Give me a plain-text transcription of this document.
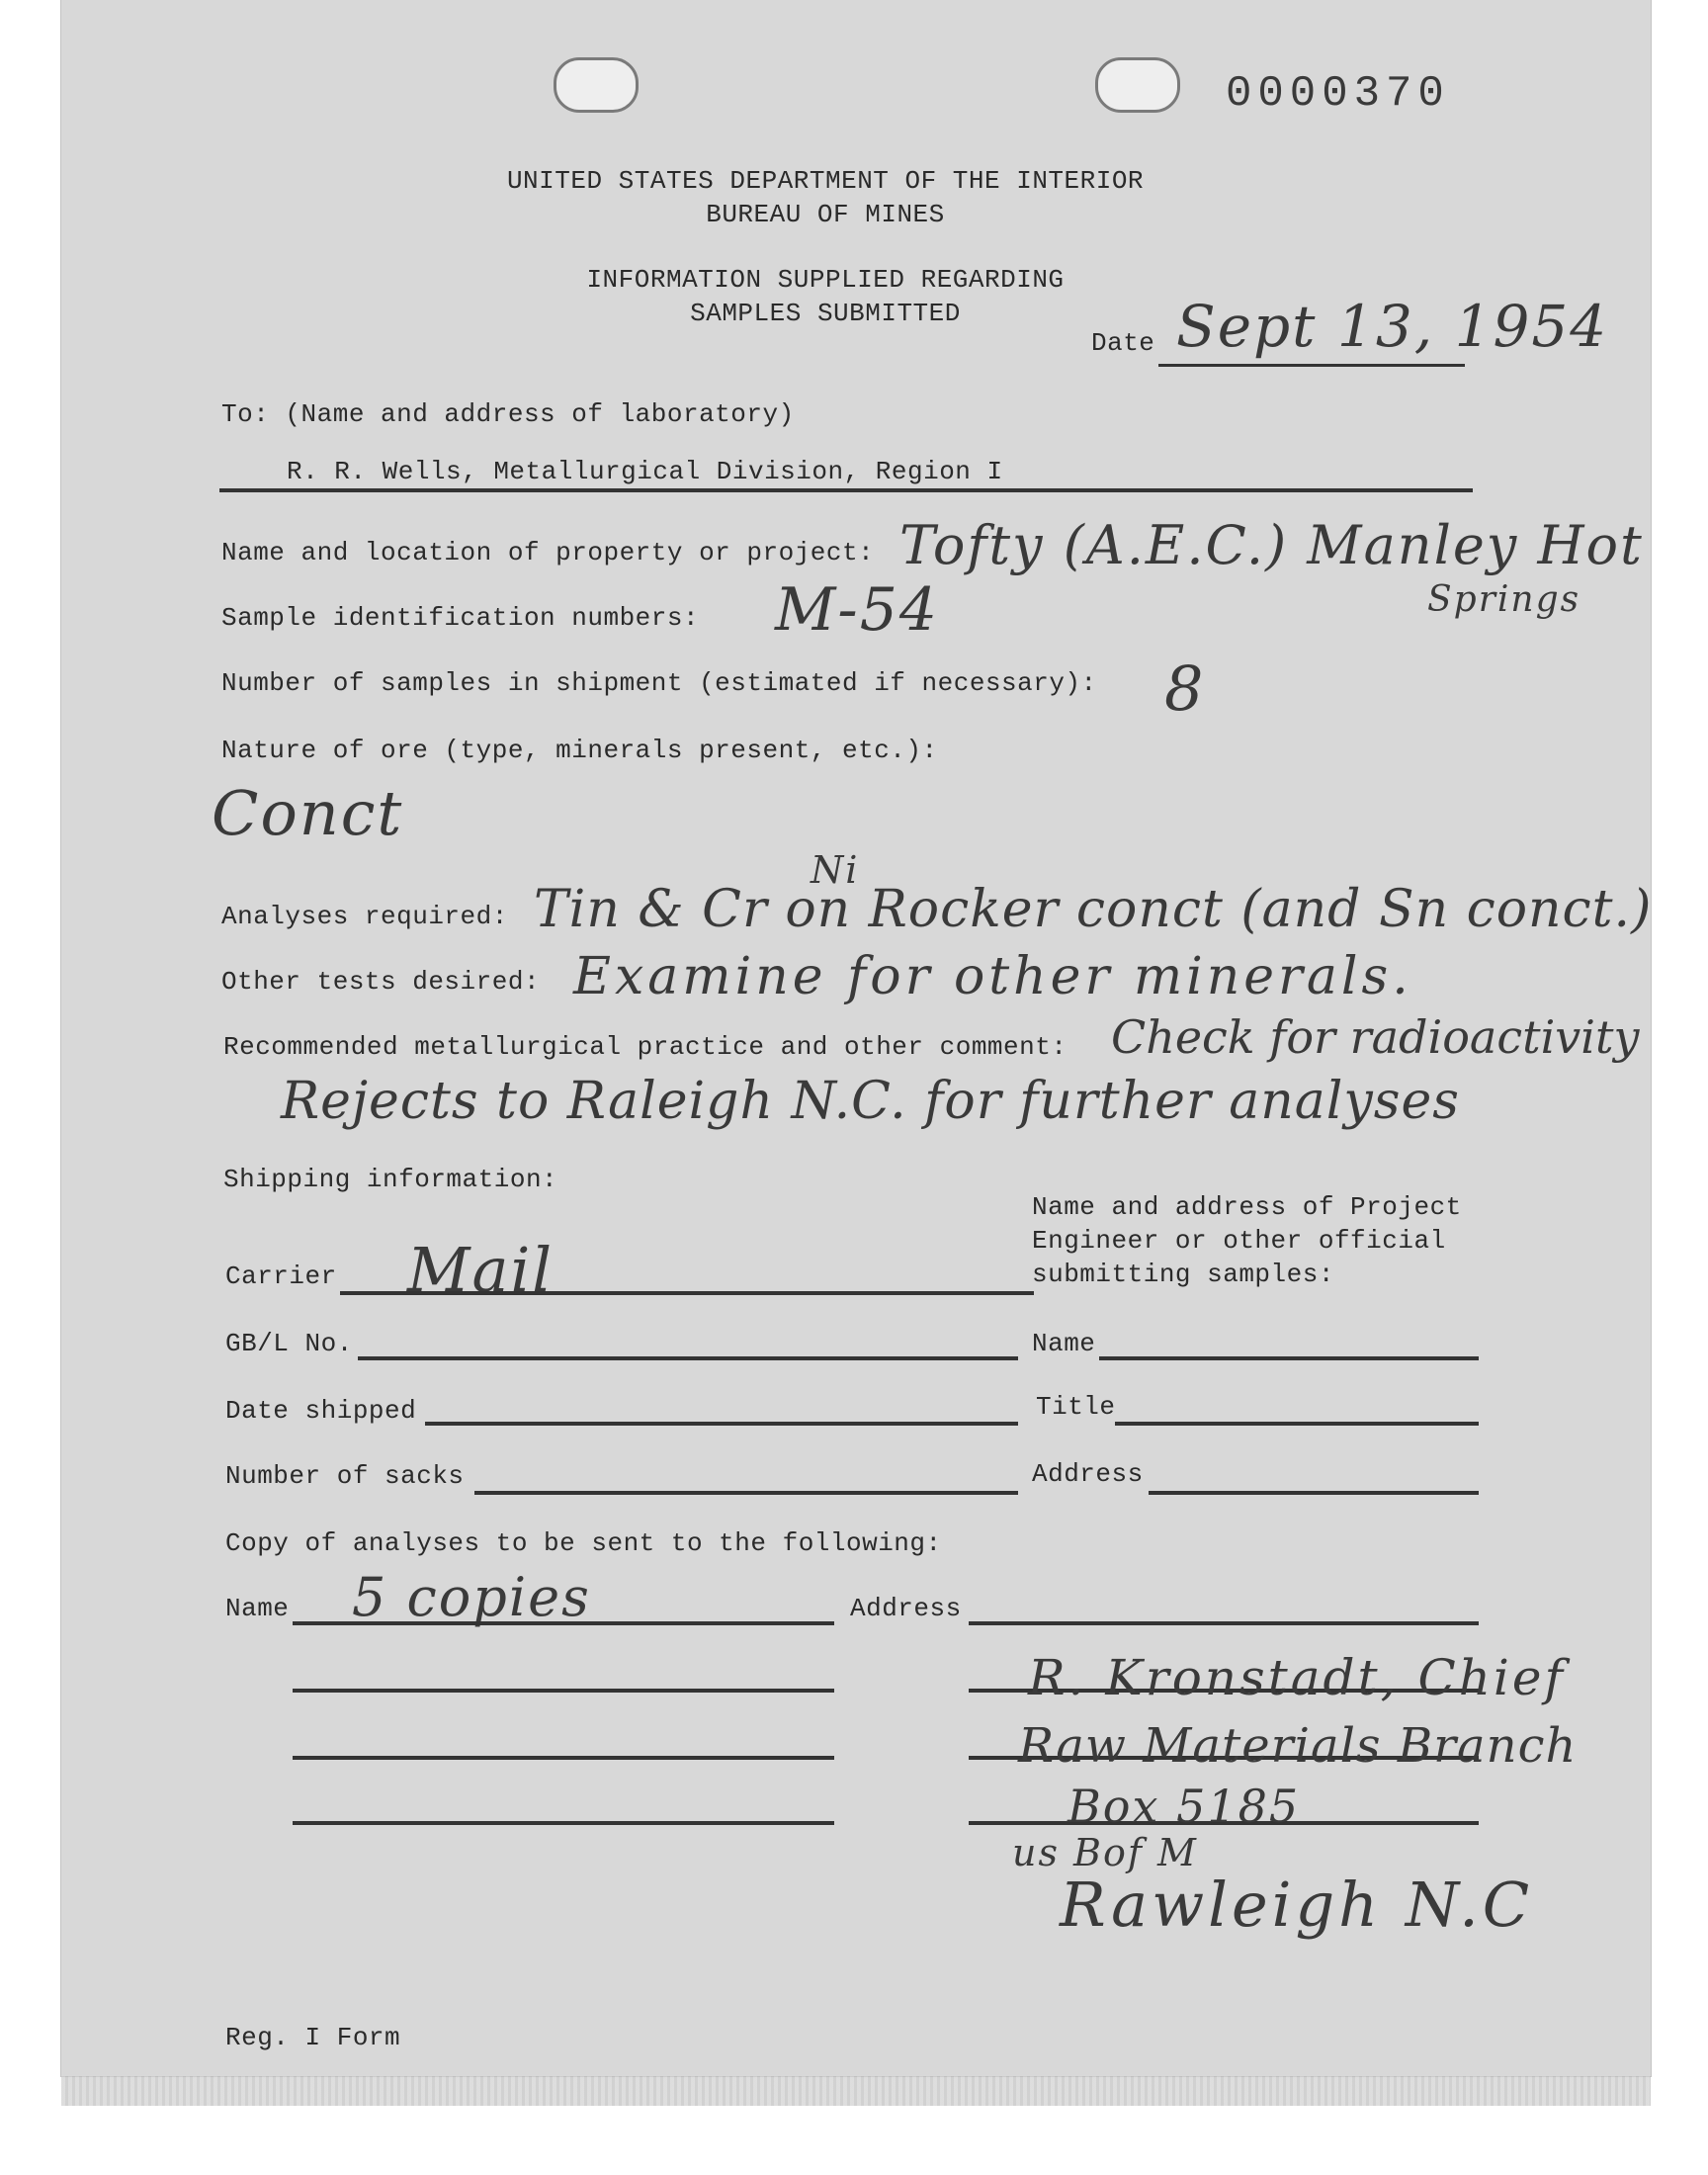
0000370
UNITED STATES DEPARTMENT OF THE INTERIOR
BUREAU OF MINES
INFORMATION SUPPLIED REGARDING
SAMPLES SUBMITTED
Date Sept 13, 1954
To: (Name and address of laboratory)
R. R. Wells, Metallurgical Division, Region I
Name and location of property or project: Tofty (A.E.C.) Manley Hot
Springs
Sample identification numbers: M-54
Number of samples in shipment (estimated if necessary): 8
Nature of ore (type, minerals present, etc.):
Conct
Analyses required:
Ni
Tin & Cr on Rocker conct (and Sn conct.)
Other tests desired: Examine for other minerals.
Recommended metallurgical practice and other comment: Check for radioactivity
Rejects to Raleigh N.C. for further analyses
Shipping information:
Name and address of Project
Engineer or other official
submitting samples:
Carrier Mail
GB/L No.	Name
Date shipped	Title
Number of sacks	Address
Copy of analyses to be sent to the following:
Name 5 copies	Address
R. Kronstadt, Chief
Raw Materials Branch
Box 5185
us Bof M
Rawleigh N.C
Reg. I Form
